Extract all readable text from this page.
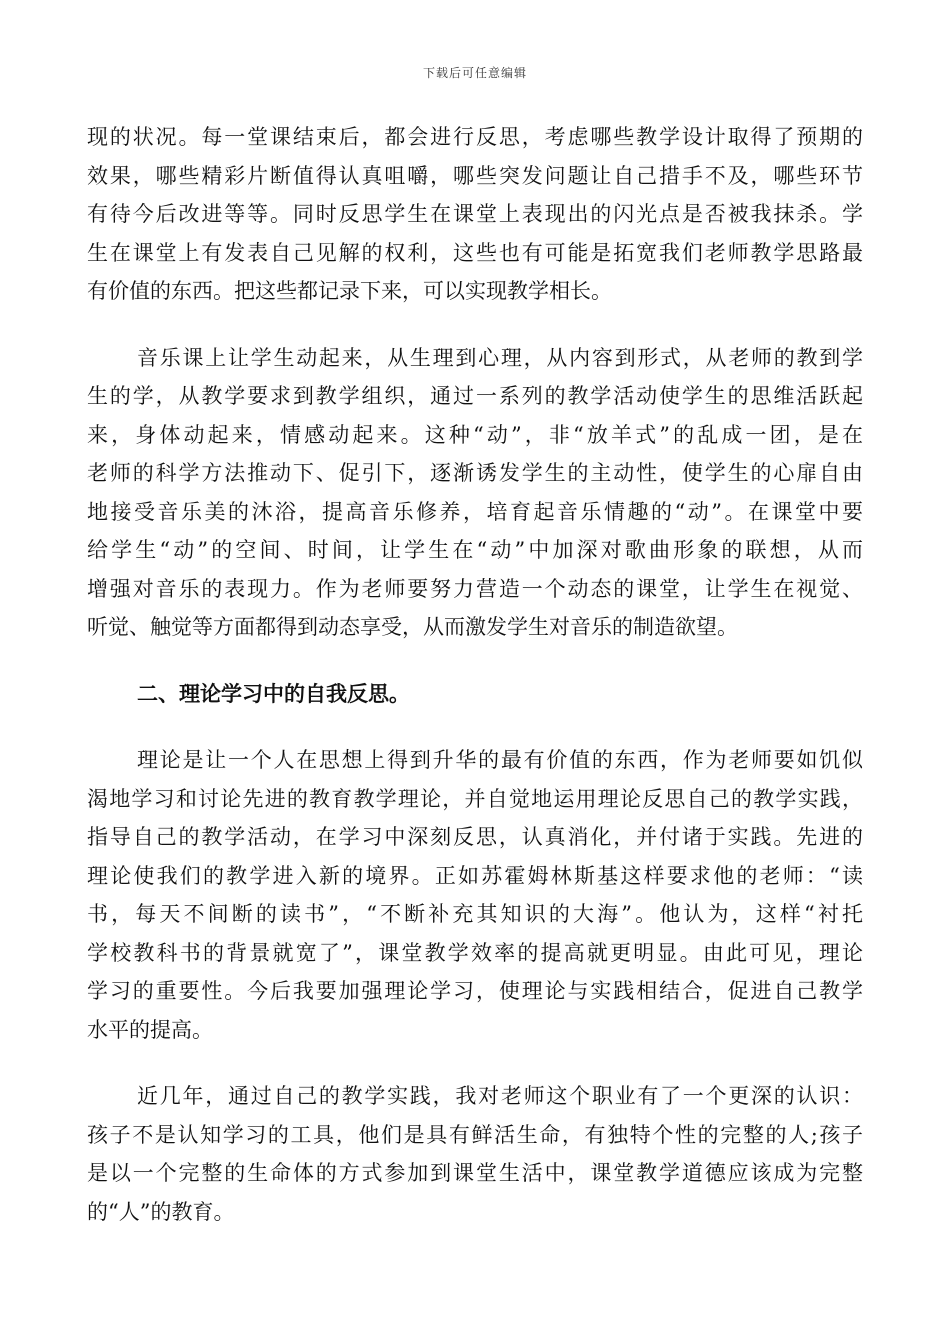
下载后可任意编辑
现的状况。每一堂课结束后，都会进行反思，考虑哪些教学设计取得了预期的
效果，哪些精彩片断值得认真咀嚼，哪些突发问题让自己措手不及，哪些环节
有待今后改进等等。同时反思学生在课堂上表现出的闪光点是否被我抹杀。学
生在课堂上有发表自己见解的权利，这些也有可能是拓宽我们老师教学思路最
有价值的东西。把这些都记录下来，可以实现教学相长。
音乐课上让学生动起来，从生理到心理，从内容到形式，从老师的教到学
生的学，从教学要求到教学组织，通过一系列的教学活动使学生的思维活跃起
来，身体动起来，情感动起来。这种“动”，非“放羊式”的乱成一团，是在
老师的科学方法推动下、促引下，逐渐诱发学生的主动性，使学生的心扉自由
地接受音乐美的沐浴，提高音乐修养，培育起音乐情趣的“动”。在课堂中要
给学生“动”的空间、时间，让学生在“动”中加深对歌曲形象的联想，从而
增强对音乐的表现力。作为老师要努力营造一个动态的课堂，让学生在视觉、
听觉、触觉等方面都得到动态享受，从而激发学生对音乐的制造欲望。
二、理论学习中的自我反思。
理论是让一个人在思想上得到升华的最有价值的东西，作为老师要如饥似
渴地学习和讨论先进的教育教学理论，并自觉地运用理论反思自己的教学实践，
指导自己的教学活动，在学习中深刻反思，认真消化，并付诸于实践。先进的
理论使我们的教学进入新的境界。正如苏霍姆林斯基这样要求他的老师：“读
书，每天不间断的读书”，“不断补充其知识的大海”。他认为，这样“衬托
学校教科书的背景就宽了”，课堂教学效率的提高就更明显。由此可见，理论
学习的重要性。今后我要加强理论学习，使理论与实践相结合，促进自己教学
水平的提高。
近几年，通过自己的教学实践，我对老师这个职业有了一个更深的认识：
孩子不是认知学习的工具，他们是具有鲜活生命，有独特个性的完整的人;孩子
是以一个完整的生命体的方式参加到课堂生活中，课堂教学道德应该成为完整
的“人”的教育。
